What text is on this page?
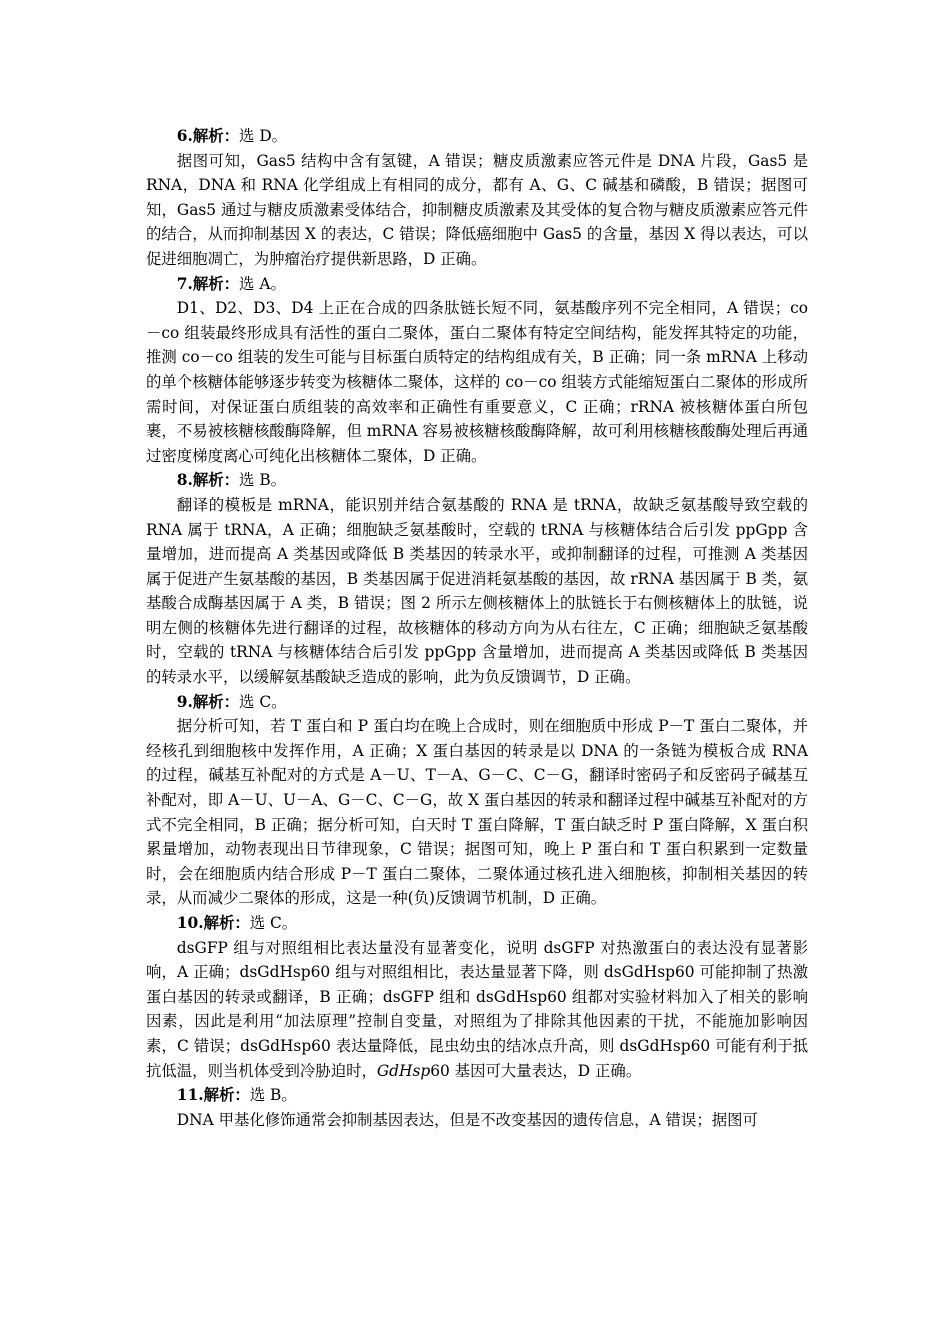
6.解析：选 D。

据图可知，Gas5 结构中含有氢键，A 错误；糖皮质激素应答元件是 DNA 片段，Gas5 是 RNA，DNA 和 RNA 化学组成上有相同的成分，都有 A、G、C 碱基和磷酸，B 错误；据图可知，Gas5 通过与糖皮质激素受体结合，抑制糖皮质激素及其受体的复合物与糖皮质激素应答元件的结合，从而抑制基因 X 的表达，C 错误；降低癌细胞中 Gas5 的含量，基因 X 得以表达，可以促进细胞凋亡，为肿瘤治疗提供新思路，D 正确。

7.解析：选 A。

D1、D2、D3、D4 上正在合成的四条肽链长短不同，氨基酸序列不完全相同，A 错误；co－co 组装最终形成具有活性的蛋白二聚体，蛋白二聚体有特定空间结构，能发挥其特定的功能，推测 co－co 组装的发生可能与目标蛋白质特定的结构组成有关，B 正确；同一条 mRNA 上移动的单个核糖体能够逐步转变为核糖体二聚体，这样的 co－co 组装方式能缩短蛋白二聚体的形成所需时间，对保证蛋白质组装的高效率和正确性有重要意义，C 正确；rRNA 被核糖体蛋白所包裹，不易被核糖核酸酶降解，但 mRNA 容易被核糖核酸酶降解，故可利用核糖核酸酶处理后再通过密度梯度离心可纯化出核糖体二聚体，D 正确。

8.解析：选 B。

翻译的模板是 mRNA，能识别并结合氨基酸的 RNA 是 tRNA，故缺乏氨基酸导致空载的 RNA 属于 tRNA，A 正确；细胞缺乏氨基酸时，空载的 tRNA 与核糖体结合后引发 ppGpp 含量增加，进而提高 A 类基因或降低 B 类基因的转录水平，或抑制翻译的过程，可推测 A 类基因属于促进产生氨基酸的基因，B 类基因属于促进消耗氨基酸的基因，故 rRNA 基因属于 B 类，氨基酸合成酶基因属于 A 类，B 错误；图 2 所示左侧核糖体上的肽链长于右侧核糖体上的肽链，说明左侧的核糖体先进行翻译的过程，故核糖体的移动方向为从右往左，C 正确；细胞缺乏氨基酸时，空载的 tRNA 与核糖体结合后引发 ppGpp 含量增加，进而提高 A 类基因或降低 B 类基因的转录水平，以缓解氨基酸缺乏造成的影响，此为负反馈调节，D 正确。

9.解析：选 C。

据分析可知，若 T 蛋白和 P 蛋白均在晚上合成时，则在细胞质中形成 P－T 蛋白二聚体，并经核孔到细胞核中发挥作用，A 正确；X 蛋白基因的转录是以 DNA 的一条链为模板合成 RNA 的过程，碱基互补配对的方式是 A－U、T－A、G－C、C－G，翻译时密码子和反密码子碱基互补配对，即 A－U、U－A、G－C、C－G，故 X 蛋白基因的转录和翻译过程中碱基互补配对的方式不完全相同，B 正确；据分析可知，白天时 T 蛋白降解，T 蛋白缺乏时 P 蛋白降解，X 蛋白积累量增加，动物表现出日节律现象，C 错误；据图可知，晚上 P 蛋白和 T 蛋白积累到一定数量时，会在细胞质内结合形成 P－T 蛋白二聚体，二聚体通过核孔进入细胞核，抑制相关基因的转录，从而减少二聚体的形成，这是一种(负)反馈调节机制，D 正确。

10.解析：选 C。

dsGFP 组与对照组相比表达量没有显著变化，说明 dsGFP 对热激蛋白的表达没有显著影响，A 正确；dsGdHsp60 组与对照组相比，表达量显著下降，则 dsGdHsp60 可能抑制了热激蛋白基因的转录或翻译，B 正确；dsGFP 组和 dsGdHsp60 组都对实验材料加入了相关的影响因素，因此是利用“加法原理”控制自变量，对照组为了排除其他因素的干扰，不能施加影响因素，C 错误；dsGdHsp60 表达量降低，昆虫幼虫的结冰点升高，则 dsGdHsp60 可能有利于抵抗低温，则当机体受到冷胁迫时，GdHsp60 基因可大量表达，D 正确。

11.解析：选 B。

DNA 甲基化修饰通常会抑制基因表达，但是不改变基因的遗传信息，A 错误；据图可
